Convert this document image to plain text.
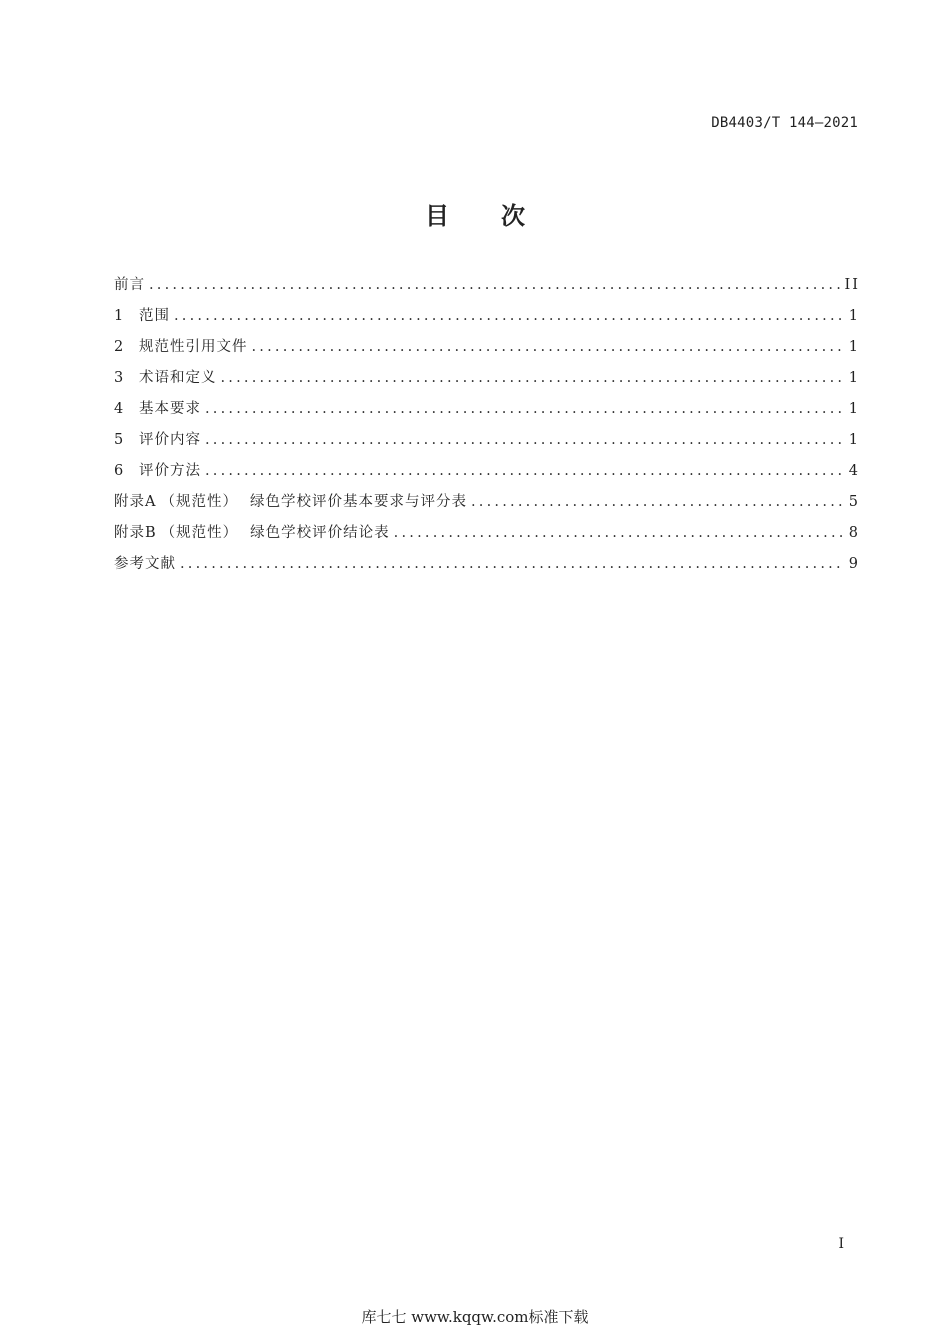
DB4403/T 144—2021
目 次
前言 .....	II
1	范围 .....	1
2	规范性引用文件 .....	1
3	术语和定义 .....	1
4	基本要求 .....	1
5	评价内容 .....	1
6	评价方法 .....	4
附录A （规范性） 绿色学校评价基本要求与评分表 .....	5
附录B （规范性） 绿色学校评价结论表 .....	8
参考文献 .....	9
I
库七七 www.kqqw.com标准下载
